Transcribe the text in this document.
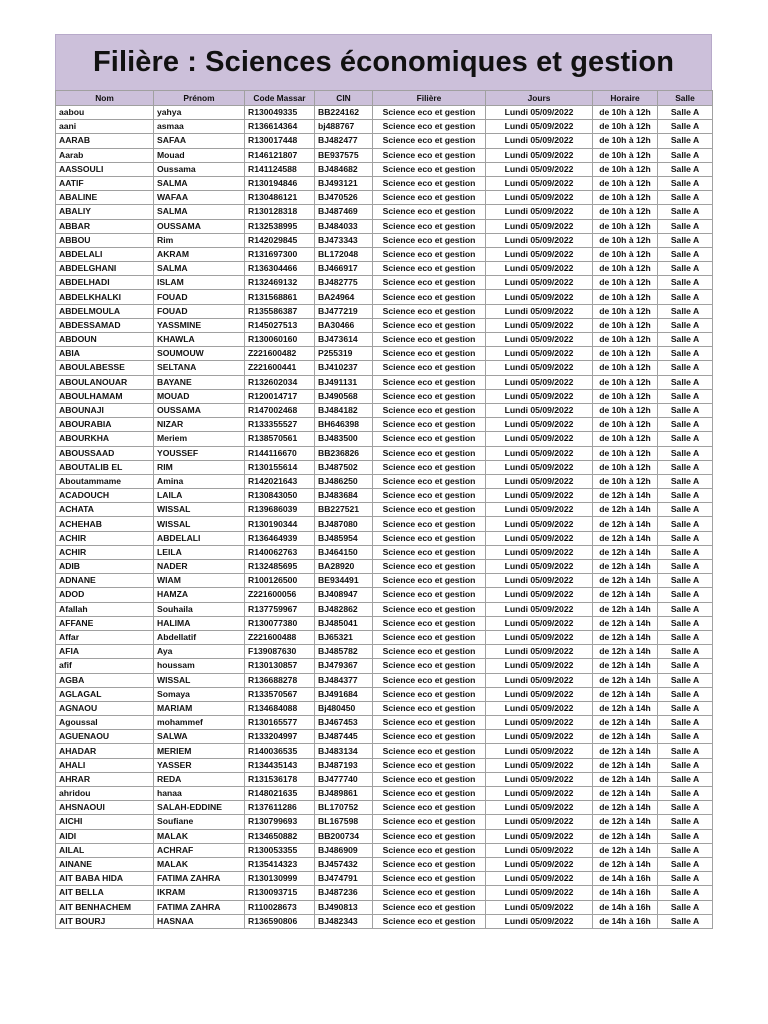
Filière : Sciences économiques et gestion
Nom	Prénom	Code Massar	CIN	Filière	Jours	Horaire	Salle
aabou	yahya	R130049335	BB224162	Science eco et gestion	Lundi 05/09/2022	de 10h à 12h	Salle A
aani	asmaa	R136614364	bj488767	Science eco et gestion	Lundi 05/09/2022	de 10h à 12h	Salle A
AARAB	SAFAA	R130017448	BJ482477	Science eco et gestion	Lundi 05/09/2022	de 10h à 12h	Salle A
Aarab	Mouad	R146121807	BE937575	Science eco et gestion	Lundi 05/09/2022	de 10h à 12h	Salle A
AASSOULI	Oussama	R141124588	BJ484682	Science eco et gestion	Lundi 05/09/2022	de 10h à 12h	Salle A
AATIF	SALMA	R130194846	BJ493121	Science eco et gestion	Lundi 05/09/2022	de 10h à 12h	Salle A
ABALINE	WAFAA	R130486121	BJ470526	Science eco et gestion	Lundi 05/09/2022	de 10h à 12h	Salle A
ABALIY	SALMA	R130128318	BJ487469	Science eco et gestion	Lundi 05/09/2022	de 10h à 12h	Salle A
ABBAR	OUSSAMA	R132538995	BJ484033	Science eco et gestion	Lundi 05/09/2022	de 10h à 12h	Salle A
ABBOU	Rim	R142029845	BJ473343	Science eco et gestion	Lundi 05/09/2022	de 10h à 12h	Salle A
ABDELALI	AKRAM	R131697300	BL172048	Science eco et gestion	Lundi 05/09/2022	de 10h à 12h	Salle A
ABDELGHANI	SALMA	R136304466	BJ466917	Science eco et gestion	Lundi 05/09/2022	de 10h à 12h	Salle A
ABDELHADI	ISLAM	R132469132	BJ482775	Science eco et gestion	Lundi 05/09/2022	de 10h à 12h	Salle A
ABDELKHALKI	FOUAD	R131568861	BA24964	Science eco et gestion	Lundi 05/09/2022	de 10h à 12h	Salle A
ABDELMOULA	FOUAD	R135586387	BJ477219	Science eco et gestion	Lundi 05/09/2022	de 10h à 12h	Salle A
ABDESSAMAD	YASSMINE	R145027513	BA30466	Science eco et gestion	Lundi 05/09/2022	de 10h à 12h	Salle A
ABDOUN	KHAWLA	R130060160	BJ473614	Science eco et gestion	Lundi 05/09/2022	de 10h à 12h	Salle A
ABIA	SOUMOUW	Z221600482	P255319	Science eco et gestion	Lundi 05/09/2022	de 10h à 12h	Salle A
ABOULABESSE	SELTANA	Z221600441	BJ410237	Science eco et gestion	Lundi 05/09/2022	de 10h à 12h	Salle A
ABOULANOUAR	BAYANE	R132602034	BJ491131	Science eco et gestion	Lundi 05/09/2022	de 10h à 12h	Salle A
ABOULHAMAM	MOUAD	R120014717	BJ490568	Science eco et gestion	Lundi 05/09/2022	de 10h à 12h	Salle A
ABOUNAJI	OUSSAMA	R147002468	BJ484182	Science eco et gestion	Lundi 05/09/2022	de 10h à 12h	Salle A
ABOURABIA	NIZAR	R133355527	BH646398	Science eco et gestion	Lundi 05/09/2022	de 10h à 12h	Salle A
ABOURKHA	Meriem	R138570561	BJ483500	Science eco et gestion	Lundi 05/09/2022	de 10h à 12h	Salle A
ABOUSSAAD	YOUSSEF	R144116670	BB236826	Science eco et gestion	Lundi 05/09/2022	de 10h à 12h	Salle A
ABOUTALIB EL	RIM	R130155614	BJ487502	Science eco et gestion	Lundi 05/09/2022	de 10h à 12h	Salle A
Aboutammame	Amina	R142021643	BJ486250	Science eco et gestion	Lundi 05/09/2022	de 10h à 12h	Salle A
ACADOUCH	LAILA	R130843050	BJ483684	Science eco et gestion	Lundi 05/09/2022	de 12h à 14h	Salle A
ACHATA	WISSAL	R139686039	BB227521	Science eco et gestion	Lundi 05/09/2022	de 12h à 14h	Salle A
ACHEHAB	WISSAL	R130190344	BJ487080	Science eco et gestion	Lundi 05/09/2022	de 12h à 14h	Salle A
ACHIR	ABDELALI	R136464939	BJ485954	Science eco et gestion	Lundi 05/09/2022	de 12h à 14h	Salle A
ACHIR	LEILA	R140062763	BJ464150	Science eco et gestion	Lundi 05/09/2022	de 12h à 14h	Salle A
ADIB	NADER	R132485695	BA28920	Science eco et gestion	Lundi 05/09/2022	de 12h à 14h	Salle A
ADNANE	WIAM	R100126500	BE934491	Science eco et gestion	Lundi 05/09/2022	de 12h à 14h	Salle A
ADOD	HAMZA	Z221600056	BJ408947	Science eco et gestion	Lundi 05/09/2022	de 12h à 14h	Salle A
Afallah	Souhaila	R137759967	BJ482862	Science eco et gestion	Lundi 05/09/2022	de 12h à 14h	Salle A
AFFANE	HALIMA	R130077380	BJ485041	Science eco et gestion	Lundi 05/09/2022	de 12h à 14h	Salle A
Affar	Abdellatif	Z221600488	BJ65321	Science eco et gestion	Lundi 05/09/2022	de 12h à 14h	Salle A
AFIA	Aya	F139087630	BJ485782	Science eco et gestion	Lundi 05/09/2022	de 12h à 14h	Salle A
afif	houssam	R130130857	BJ479367	Science eco et gestion	Lundi 05/09/2022	de 12h à 14h	Salle A
AGBA	WISSAL	R136688278	BJ484377	Science eco et gestion	Lundi 05/09/2022	de 12h à 14h	Salle A
AGLAGAL	Somaya	R133570567	BJ491684	Science eco et gestion	Lundi 05/09/2022	de 12h à 14h	Salle A
AGNAOU	MARIAM	R134684088	Bj480450	Science eco et gestion	Lundi 05/09/2022	de 12h à 14h	Salle A
Agoussal	mohammef	R130165577	BJ467453	Science eco et gestion	Lundi 05/09/2022	de 12h à 14h	Salle A
AGUENAOU	SALWA	R133204997	BJ487445	Science eco et gestion	Lundi 05/09/2022	de 12h à 14h	Salle A
AHADAR	MERIEM	R140036535	BJ483134	Science eco et gestion	Lundi 05/09/2022	de 12h à 14h	Salle A
AHALI	YASSER	R134435143	BJ487193	Science eco et gestion	Lundi 05/09/2022	de 12h à 14h	Salle A
AHRAR	REDA	R131536178	BJ477740	Science eco et gestion	Lundi 05/09/2022	de 12h à 14h	Salle A
ahridou	hanaa	R148021635	BJ489861	Science eco et gestion	Lundi 05/09/2022	de 12h à 14h	Salle A
AHSNAOUI	SALAH-EDDINE	R137611286	BL170752	Science eco et gestion	Lundi 05/09/2022	de 12h à 14h	Salle A
AICHI	Soufiane	R130799693	BL167598	Science eco et gestion	Lundi 05/09/2022	de 12h à 14h	Salle A
AIDI	MALAK	R134650882	BB200734	Science eco et gestion	Lundi 05/09/2022	de 12h à 14h	Salle A
AILAL	ACHRAF	R130053355	BJ486909	Science eco et gestion	Lundi 05/09/2022	de 12h à 14h	Salle A
AINANE	MALAK	R135414323	BJ457432	Science eco et gestion	Lundi 05/09/2022	de 12h à 14h	Salle A
AIT BABA HIDA	FATIMA ZAHRA	R130130999	BJ474791	Science eco et gestion	Lundi 05/09/2022	de 14h à 16h	Salle A
AIT BELLA	IKRAM	R130093715	BJ487236	Science eco et gestion	Lundi 05/09/2022	de 14h à 16h	Salle A
AIT BENHACHEM	FATIMA ZAHRA	R110028673	BJ490813	Science eco et gestion	Lundi 05/09/2022	de 14h à 16h	Salle A
AIT BOURJ	HASNAA	R136590806	BJ482343	Science eco et gestion	Lundi 05/09/2022	de 14h à 16h	Salle A
